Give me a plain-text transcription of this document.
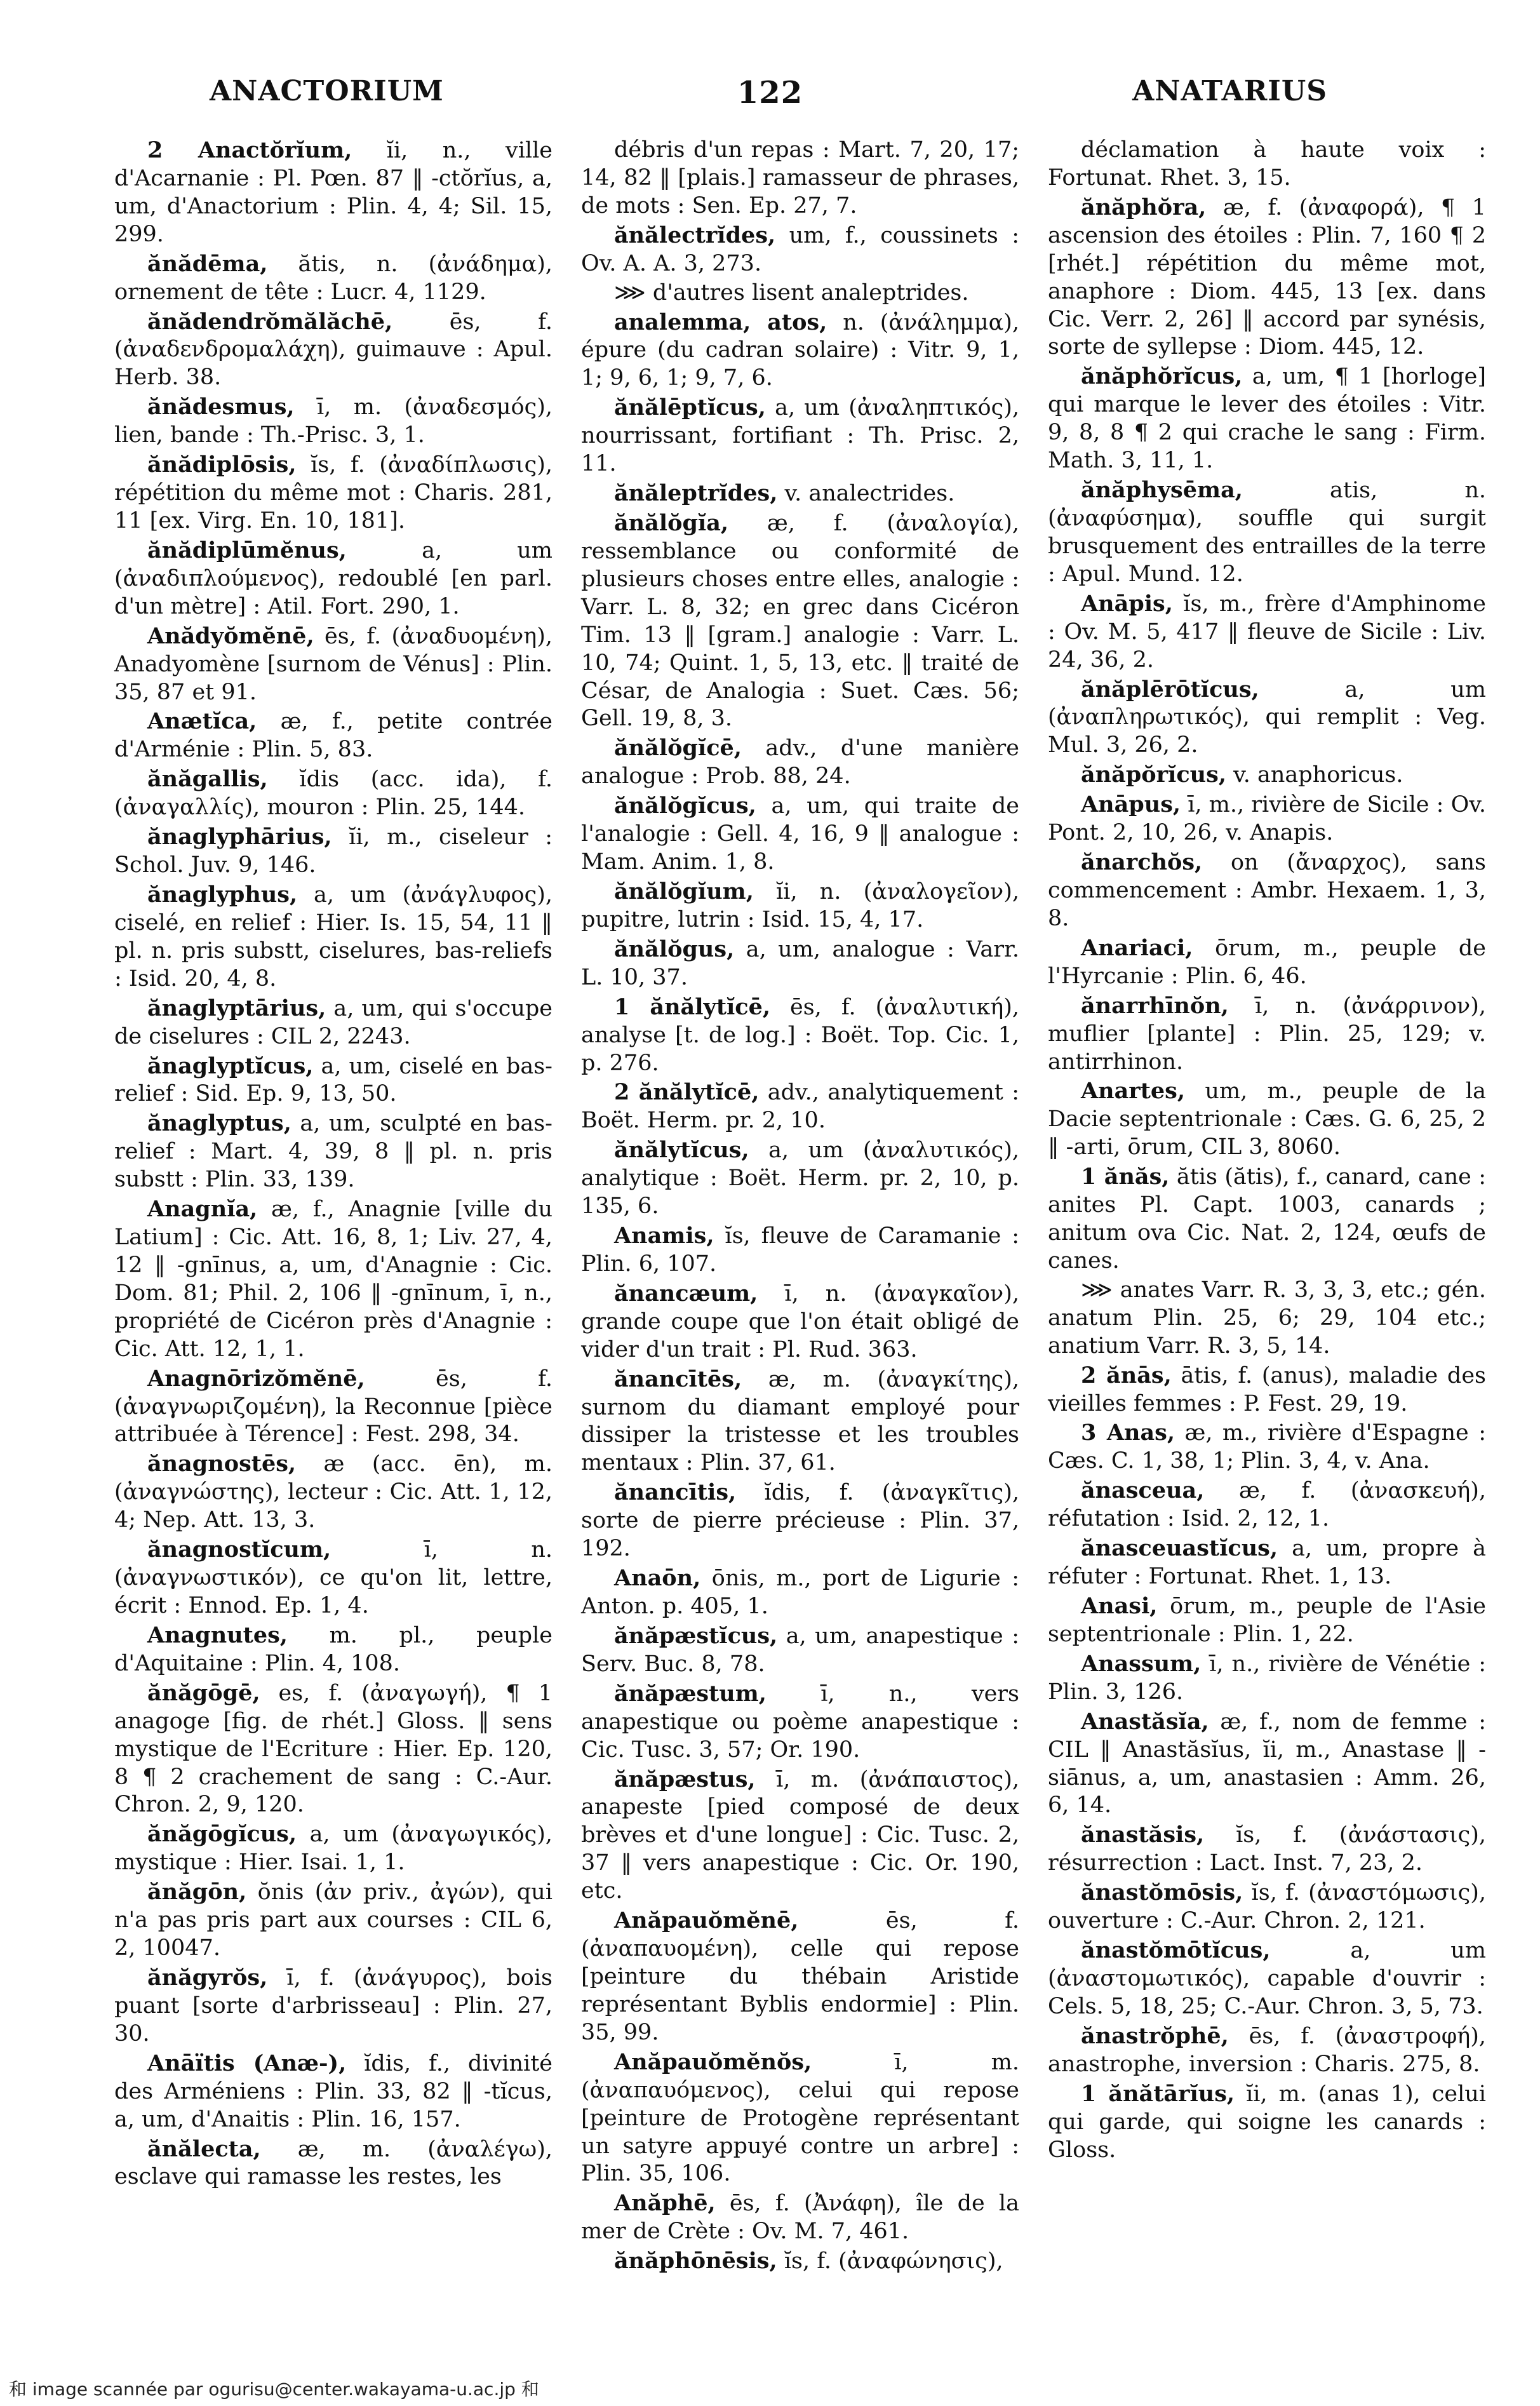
ANACTORIUM	122	ANATARIUS
2 Anactŏrĭum, ĭi, n., ville d'Acarnanie : Pl. Pœn. 87 ‖ -ctŏrĭus, a, um, d'Anactorium : Plin. 4, 4; Sil. 15, 299.
ănădēma, ătis, n. (ἀνάδημα), ornement de tête : Lucr. 4, 1129.
ănădendrŏmălăchē, ēs, f. (ἀναδενδρομαλάχη), guimauve : Apul. Herb. 38.
ănădesmus, ī, m. (ἀναδεσμός), lien, bande : Th.-Prisc. 3, 1.
ănădiplōsis, ĭs, f. (ἀναδίπλωσις), répétition du même mot : Charis. 281, 11 [ex. Virg. En. 10, 181].
ănădiplūmĕnus, a, um (ἀναδιπλούμενος), redoublé [en parl. d'un mètre] : Atil. Fort. 290, 1.
Anădyŏmĕnē, ēs, f. (ἀναδυομένη), Anadyomène [surnom de Vénus] : Plin. 35, 87 et 91.
Anætĭca, æ, f., petite contrée d'Arménie : Plin. 5, 83.
ănăgallis, ĭdis (acc. ida), f. (ἀναγαλλίς), mouron : Plin. 25, 144.
ănaglyphārius, ĭi, m., ciseleur : Schol. Juv. 9, 146.
ănaglyphus, a, um (ἀνάγλυφος), ciselé, en relief : Hier. Is. 15, 54, 11 ‖ pl. n. pris substt, ciselures, bas-reliefs : Isid. 20, 4, 8.
ănaglyptārius, a, um, qui s'occupe de ciselures : CIL 2, 2243.
ănaglyptĭcus, a, um, ciselé en bas-relief : Sid. Ep. 9, 13, 50.
ănaglyptus, a, um, sculpté en bas-relief : Mart. 4, 39, 8 ‖ pl. n. pris substt : Plin. 33, 139.
Anagnĭa, æ, f., Anagnie [ville du Latium] : Cic. Att. 16, 8, 1; Liv. 27, 4, 12 ‖ -gnīnus, a, um, d'Anagnie : Cic. Dom. 81; Phil. 2, 106 ‖ -gnīnum, ī, n., propriété de Cicéron près d'Anagnie : Cic. Att. 12, 1, 1.
Anagnōrizŏmĕnē, ēs, f. (ἀναγνωριζομένη), la Reconnue [pièce attribuée à Térence] : Fest. 298, 34.
ănagnostēs, æ (acc. ēn), m. (ἀναγνώστης), lecteur : Cic. Att. 1, 12, 4; Nep. Att. 13, 3.
ănagnostĭcum, ī, n. (ἀναγνωστικόν), ce qu'on lit, lettre, écrit : Ennod. Ep. 1, 4.
Anagnutes, m. pl., peuple d'Aquitaine : Plin. 4, 108.
ănăgōgē, es, f. (ἀναγωγή), ¶ 1 anagoge [fig. de rhét.] Gloss. ‖ sens mystique de l'Ecriture : Hier. Ep. 120, 8 ¶ 2 crachement de sang : C.-Aur. Chron. 2, 9, 120.
ănăgōgĭcus, a, um (ἀναγωγικός), mystique : Hier. Isai. 1, 1.
ănăgōn, ŏnis (ἀν priv., ἀγών), qui n'a pas pris part aux courses : CIL 6, 2, 10047.
ănăgyrŏs, ī, f. (ἀνάγυρος), bois puant [sorte d'arbrisseau] : Plin. 27, 30.
Anāïtis (Anæ-), ĭdis, f., divinité des Arméniens : Plin. 33, 82 ‖ -tĭcus, a, um, d'Anaitis : Plin. 16, 157.
ănălecta, æ, m. (ἀναλέγω), esclave qui ramasse les restes, les
débris d'un repas : Mart. 7, 20, 17; 14, 82 ‖ [plais.] ramasseur de phrases, de mots : Sen. Ep. 27, 7.
ănălectrĭdes, um, f., coussinets : Ov. A. A. 3, 273.
⋙ d'autres lisent analeptrides.
analemma, atos, n. (ἀνάλημμα), épure (du cadran solaire) : Vitr. 9, 1, 1; 9, 6, 1; 9, 7, 6.
ănălēptĭcus, a, um (ἀναληπτικός), nourrissant, fortifiant : Th. Prisc. 2, 11.
ănăleptrĭdes, v. analectrides.
ănălŏgĭa, æ, f. (ἀναλογία), ressemblance ou conformité de plusieurs choses entre elles, analogie : Varr. L. 8, 32; en grec dans Cicéron Tim. 13 ‖ [gram.] analogie : Varr. L. 10, 74; Quint. 1, 5, 13, etc. ‖ traité de César, de Analogia : Suet. Cæs. 56; Gell. 19, 8, 3.
ănălŏgĭcē, adv., d'une manière analogue : Prob. 88, 24.
ănălŏgĭcus, a, um, qui traite de l'analogie : Gell. 4, 16, 9 ‖ analogue : Mam. Anim. 1, 8.
ănălŏgĭum, ĭi, n. (ἀναλογεῖον), pupitre, lutrin : Isid. 15, 4, 17.
ănălŏgus, a, um, analogue : Varr. L. 10, 37.
1 ănălytĭcē, ēs, f. (ἀναλυτική), analyse [t. de log.] : Boët. Top. Cic. 1, p. 276.
2 ănălytĭcē, adv., analytiquement : Boët. Herm. pr. 2, 10.
ănălytĭcus, a, um (ἀναλυτικός), analytique : Boët. Herm. pr. 2, 10, p. 135, 6.
Anamis, ĭs, fleuve de Caramanie : Plin. 6, 107.
ănancæum, ī, n. (ἀναγκαῖον), grande coupe que l'on était obligé de vider d'un trait : Pl. Rud. 363.
ănancītēs, æ, m. (ἀναγκίτης), surnom du diamant employé pour dissiper la tristesse et les troubles mentaux : Plin. 37, 61.
ănancītis, ĭdis, f. (ἀναγκῖτις), sorte de pierre précieuse : Plin. 37, 192.
Anaōn, ōnis, m., port de Ligurie : Anton. p. 405, 1.
ănăpæstĭcus, a, um, anapestique : Serv. Buc. 8, 78.
ănăpæstum, ī, n., vers anapestique ou poème anapestique : Cic. Tusc. 3, 57; Or. 190.
ănăpæstus, ī, m. (ἀνάπαιστος), anapeste [pied composé de deux brèves et d'une longue] : Cic. Tusc. 2, 37 ‖ vers anapestique : Cic. Or. 190, etc.
Anăpauŏmĕnē, ēs, f. (ἀναπαυομένη), celle qui repose [peinture du thébain Aristide représentant Byblis endormie] : Plin. 35, 99.
Anăpauŏmĕnŏs, ī, m. (ἀναπαυόμενος), celui qui repose [peinture de Protogène représentant un satyre appuyé contre un arbre] : Plin. 35, 106.
Anăphē, ēs, f. (Ἀνάφη), île de la mer de Crète : Ov. M. 7, 461.
ănăphōnēsis, ĭs, f. (ἀναφώνησις),
déclamation à haute voix : Fortunat. Rhet. 3, 15.
ănăphŏra, æ, f. (ἀναφορά), ¶ 1 ascension des étoiles : Plin. 7, 160 ¶ 2 [rhét.] répétition du même mot, anaphore : Diom. 445, 13 [ex. dans Cic. Verr. 2, 26] ‖ accord par synésis, sorte de syllepse : Diom. 445, 12.
ănăphŏrĭcus, a, um, ¶ 1 [horloge] qui marque le lever des étoiles : Vitr. 9, 8, 8 ¶ 2 qui crache le sang : Firm. Math. 3, 11, 1.
ănăphysēma, atis, n. (ἀναφύσημα), souffle qui surgit brusquement des entrailles de la terre : Apul. Mund. 12.
Anāpis, ĭs, m., frère d'Amphinome : Ov. M. 5, 417 ‖ fleuve de Sicile : Liv. 24, 36, 2.
ănăplērōtĭcus, a, um (ἀναπληρωτικός), qui remplit : Veg. Mul. 3, 26, 2.
ănăpŏrĭcus, v. anaphoricus.
Anāpus, ī, m., rivière de Sicile : Ov. Pont. 2, 10, 26, v. Anapis.
ănarchŏs, on (ἄναρχος), sans commencement : Ambr. Hexaem. 1, 3, 8.
Anariaci, ōrum, m., peuple de l'Hyrcanie : Plin. 6, 46.
ănarrhīnŏn, ī, n. (ἀνάρρινον), muflier [plante] : Plin. 25, 129; v. antirrhinon.
Anartes, um, m., peuple de la Dacie septentrionale : Cæs. G. 6, 25, 2 ‖ -arti, ōrum, CIL 3, 8060.
1 ănăs, ătis (ătis), f., canard, cane : anites Pl. Capt. 1003, canards ; anitum ova Cic. Nat. 2, 124, œufs de canes.
⋙ anates Varr. R. 3, 3, 3, etc.; gén. anatum Plin. 25, 6; 29, 104 etc.; anatium Varr. R. 3, 5, 14.
2 ănās, ātis, f. (anus), maladie des vieilles femmes : P. Fest. 29, 19.
3 Anas, æ, m., rivière d'Espagne : Cæs. C. 1, 38, 1; Plin. 3, 4, v. Ana.
ănasceua, æ, f. (ἀνασκευή), réfutation : Isid. 2, 12, 1.
ănasceuastĭcus, a, um, propre à réfuter : Fortunat. Rhet. 1, 13.
Anasi, ōrum, m., peuple de l'Asie septentrionale : Plin. 1, 22.
Anassum, ī, n., rivière de Vénétie : Plin. 3, 126.
Anastăsĭa, æ, f., nom de femme : CIL ‖ Anastăsĭus, ĭi, m., Anastase ‖ -siānus, a, um, anastasien : Amm. 26, 6, 14.
ănastăsis, ĭs, f. (ἀνάστασις), résurrection : Lact. Inst. 7, 23, 2.
ănastŏmōsis, ĭs, f. (ἀναστόμωσις), ouverture : C.-Aur. Chron. 2, 121.
ănastŏmōtĭcus, a, um (ἀναστομωτικός), capable d'ouvrir : Cels. 5, 18, 25; C.-Aur. Chron. 3, 5, 73.
ănastrŏphē, ēs, f. (ἀναστροφή), anastrophe, inversion : Charis. 275, 8.
1 ănătārĭus, ĭi, m. (anas 1), celui qui garde, qui soigne les canards : Gloss.
和 image scannée par ogurisu@center.wakayama-u.ac.jp 和
